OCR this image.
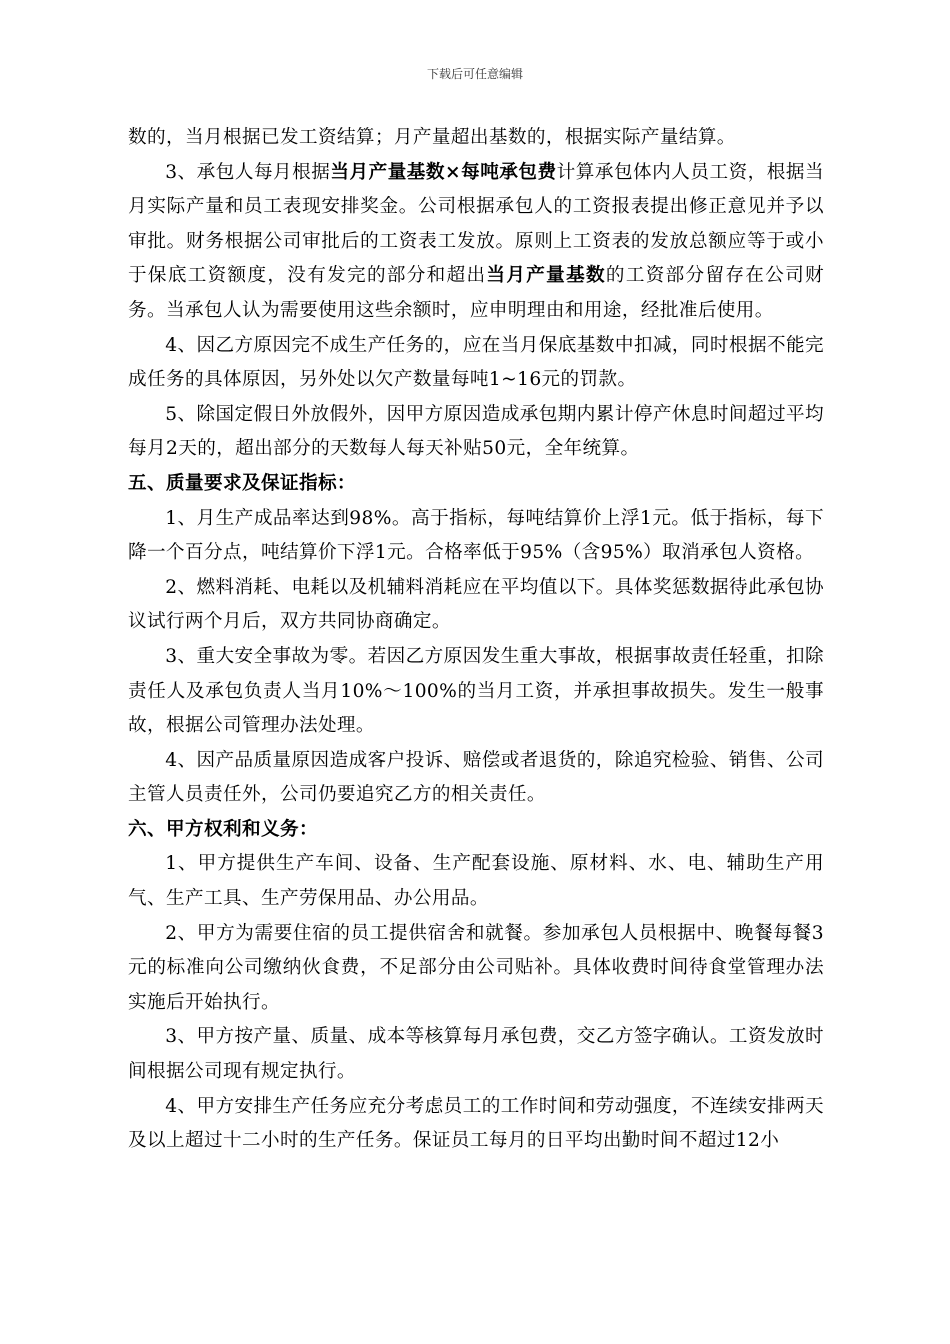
下载后可任意编辑

数的，当月根据已发工资结算；月产量超出基数的，根据实际产量结算。

3、承包人每月根据当月产量基数×每吨承包费计算承包体内人员工资，根据当月实际产量和员工表现安排奖金。公司根据承包人的工资报表提出修正意见并予以审批。财务根据公司审批后的工资表工发放。原则上工资表的发放总额应等于或小于保底工资额度，没有发完的部分和超出当月产量基数的工资部分留存在公司财务。当承包人认为需要使用这些余额时，应申明理由和用途，经批准后使用。

4、因乙方原因完不成生产任务的，应在当月保底基数中扣减，同时根据不能完成任务的具体原因，另外处以欠产数量每吨1~16元的罚款。

5、除国定假日外放假外，因甲方原因造成承包期内累计停产休息时间超过平均每月2天的，超出部分的天数每人每天补贴50元，全年统算。

五、质量要求及保证指标：

1、月生产成品率达到98%。高于指标，每吨结算价上浮1元。低于指标，每下降一个百分点，吨结算价下浮1元。合格率低于95%（含95%）取消承包人资格。

2、燃料消耗、电耗以及机辅料消耗应在平均值以下。具体奖惩数据待此承包协议试行两个月后，双方共同协商确定。

3、重大安全事故为零。若因乙方原因发生重大事故，根据事故责任轻重，扣除责任人及承包负责人当月10%～100%的当月工资，并承担事故损失。发生一般事故，根据公司管理办法处理。

4、因产品质量原因造成客户投诉、赔偿或者退货的，除追究检验、销售、公司主管人员责任外，公司仍要追究乙方的相关责任。

六、甲方权利和义务：

1、甲方提供生产车间、设备、生产配套设施、原材料、水、电、辅助生产用气、生产工具、生产劳保用品、办公用品。

2、甲方为需要住宿的员工提供宿舍和就餐。参加承包人员根据中、晚餐每餐3元的标准向公司缴纳伙食费，不足部分由公司贴补。具体收费时间待食堂管理办法实施后开始执行。

3、甲方按产量、质量、成本等核算每月承包费，交乙方签字确认。工资发放时间根据公司现有规定执行。

4、甲方安排生产任务应充分考虑员工的工作时间和劳动强度，不连续安排两天及以上超过十二小时的生产任务。保证员工每月的日平均出勤时间不超过12小
